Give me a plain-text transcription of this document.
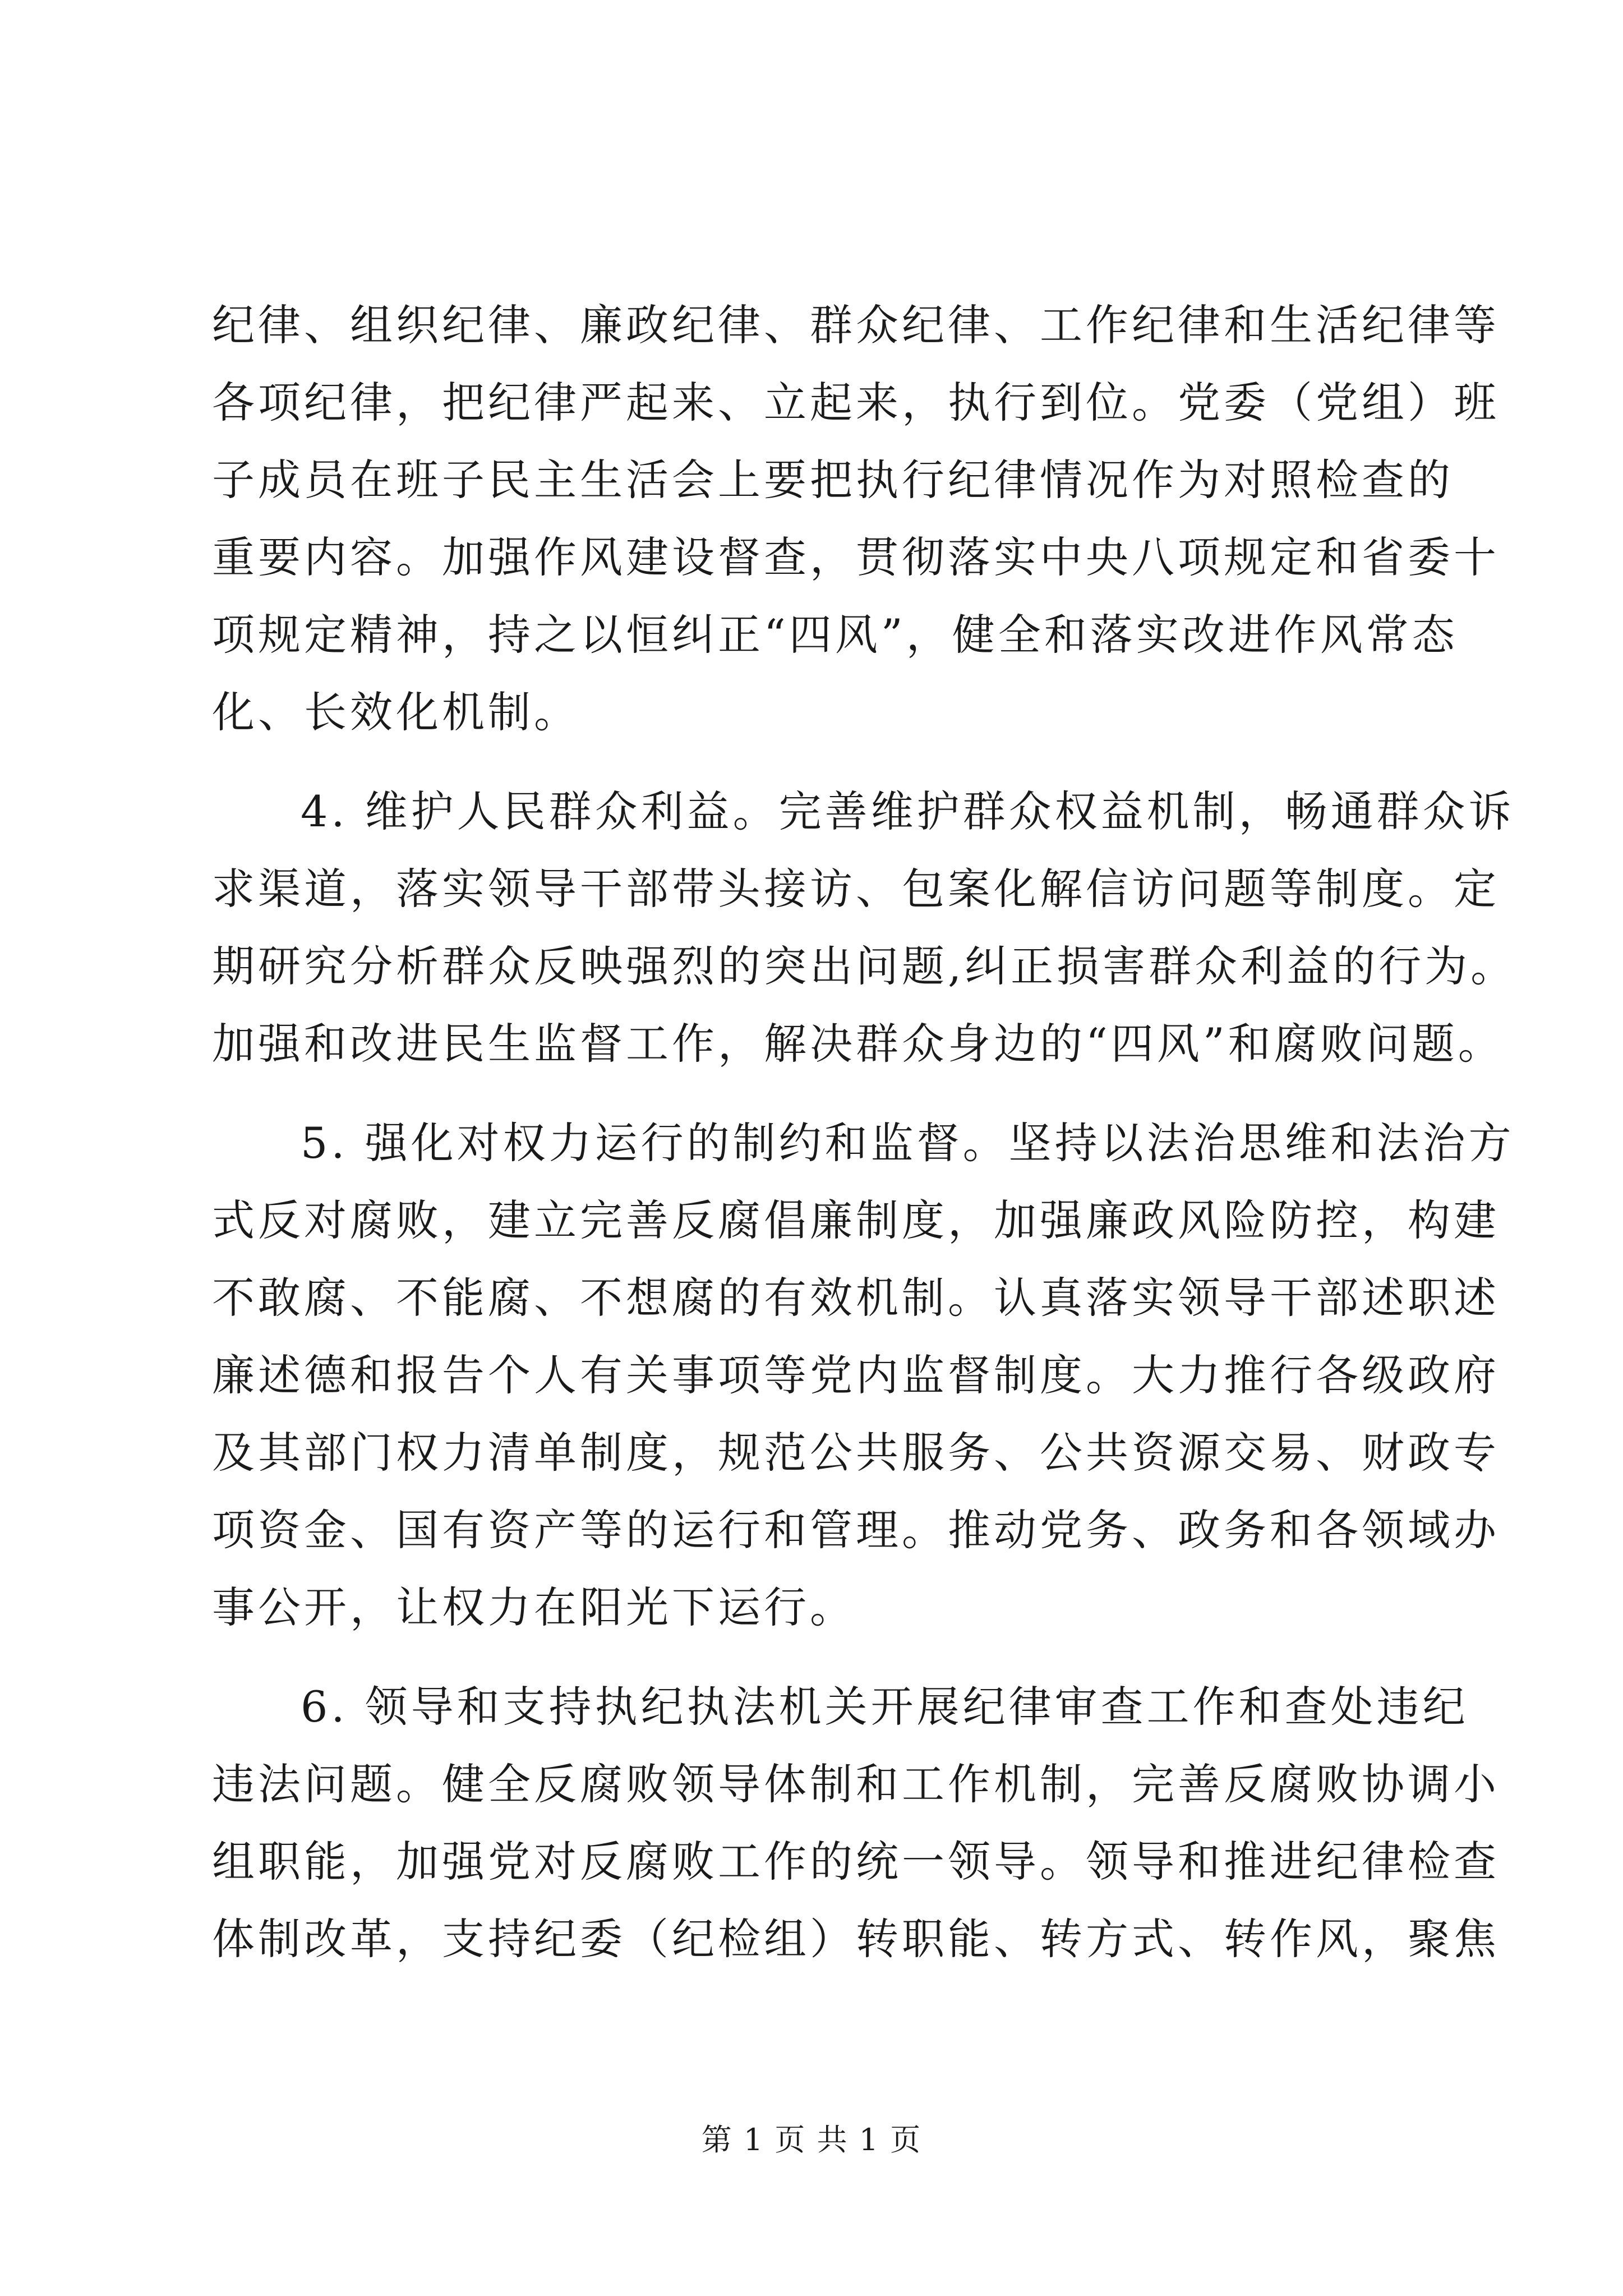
纪律、组织纪律、廉政纪律、群众纪律、工作纪律和生活纪律等
各项纪律，把纪律严起来、立起来，执行到位。党委（党组）班
子成员在班子民主生活会上要把执行纪律情况作为对照检查的
重要内容。加强作风建设督查，贯彻落实中央八项规定和省委十
项规定精神，持之以恒纠正“四风”，健全和落实改进作风常态
化、长效化机制。
4. 维护人民群众利益。完善维护群众权益机制，畅通群众诉
求渠道，落实领导干部带头接访、包案化解信访问题等制度。定
期研究分析群众反映强烈的突出问题,纠正损害群众利益的行为。
加强和改进民生监督工作，解决群众身边的“四风”和腐败问题。
5. 强化对权力运行的制约和监督。坚持以法治思维和法治方
式反对腐败，建立完善反腐倡廉制度，加强廉政风险防控，构建
不敢腐、不能腐、不想腐的有效机制。认真落实领导干部述职述
廉述德和报告个人有关事项等党内监督制度。大力推行各级政府
及其部门权力清单制度，规范公共服务、公共资源交易、财政专
项资金、国有资产等的运行和管理。推动党务、政务和各领域办
事公开，让权力在阳光下运行。
6. 领导和支持执纪执法机关开展纪律审查工作和查处违纪
违法问题。健全反腐败领导体制和工作机制，完善反腐败协调小
组职能，加强党对反腐败工作的统一领导。领导和推进纪律检查
体制改革，支持纪委（纪检组）转职能、转方式、转作风，聚焦
第 1 页 共 1 页
